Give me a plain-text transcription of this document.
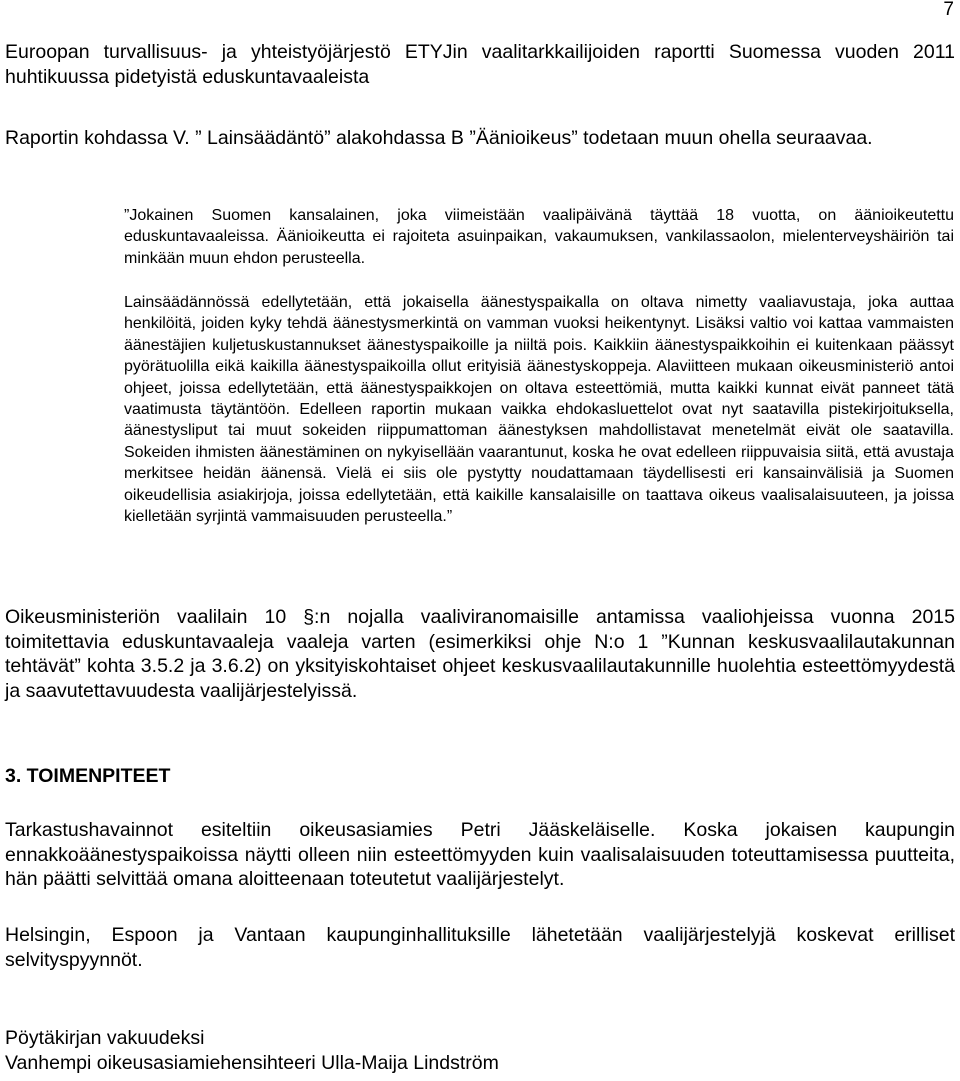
7

Euroopan turvallisuus- ja yhteistyöjärjestö ETYJin vaalitarkkailijoiden raportti Suomessa vuoden 2011 huhtikuussa pidetyistä eduskuntavaaleista

Raportin kohdassa V. ” Lainsäädäntö” alakohdassa B ”Äänioikeus” todetaan muun ohella seuraavaa.

”Jokainen Suomen kansalainen, joka viimeistään vaalipäivänä täyttää 18 vuotta, on äänioikeutettu eduskuntavaaleissa. Äänioikeutta ei rajoiteta asuinpaikan, vakaumuksen, vankilassaolon, mielenterveyshäiriön tai minkään muun ehdon perusteella.

Lainsäädännössä edellytetään, että jokaisella äänestyspaikalla on oltava nimetty vaaliavustaja, joka auttaa henkilöitä, joiden kyky tehdä äänestysmerkintä on vamman vuoksi heikentynyt. Lisäksi valtio voi kattaa vammaisten äänestäjien kuljetuskustannukset äänestyspaikoille ja niiltä pois. Kaikkiin äänestyspaikkoihin ei kuitenkaan päässyt pyörätuolilla eikä kaikilla äänestyspaikoilla ollut erityisiä äänestyskoppeja. Alaviitteen mukaan oikeusministeriö antoi ohjeet, joissa edellytetään, että äänestyspaikkojen on oltava esteettömiä, mutta kaikki kunnat eivät panneet tätä vaatimusta täytäntöön. Edelleen raportin mukaan vaikka ehdokasluettelot ovat nyt saatavilla pistekirjoituksella, äänestysliput tai muut sokeiden riippumattoman äänestyksen mahdollistavat menetelmät eivät ole saatavilla. Sokeiden ihmisten äänestäminen on nykyisellään vaarantunut, koska he ovat edelleen riippuvaisia siitä, että avustaja merkitsee heidän äänensä. Vielä ei siis ole pystytty noudattamaan täydellisesti eri kansainvälisiä ja Suomen oikeudellisia asiakirjoja, joissa edellytetään, että kaikille kansalaisille on taattava oikeus vaalisalaisuuteen, ja joissa kielletään syrjintä vammaisuuden perusteella.”

Oikeusministeriön vaalilain 10 §:n nojalla vaaliviranomaisille antamissa vaaliohjeissa vuonna 2015 toimitettavia eduskuntavaaleja vaaleja varten (esimerkiksi ohje N:o 1 ”Kunnan keskusvaalilautakunnan tehtävät” kohta 3.5.2 ja 3.6.2) on yksityiskohtaiset ohjeet keskusvaalilautakunnille huolehtia esteettömyydestä ja saavutettavuudesta vaalijärjestelyissä.

3. TOIMENPITEET

Tarkastushavainnot esiteltiin oikeusasiamies Petri Jääskeläiselle. Koska jokaisen kaupungin ennakkoäänestyspaikoissa näytti olleen niin esteettömyyden kuin vaalisalaisuuden toteuttamisessa puutteita, hän päätti selvittää omana aloitteenaan toteutetut vaalijärjestelyt.

Helsingin, Espoon ja Vantaan kaupunginhallituksille lähetetään vaalijärjestelyjä koskevat erilliset selvityspyynnöt.

Pöytäkirjan vakuudeksi
Vanhempi oikeusasiamiehensihteeri Ulla-Maija Lindström
